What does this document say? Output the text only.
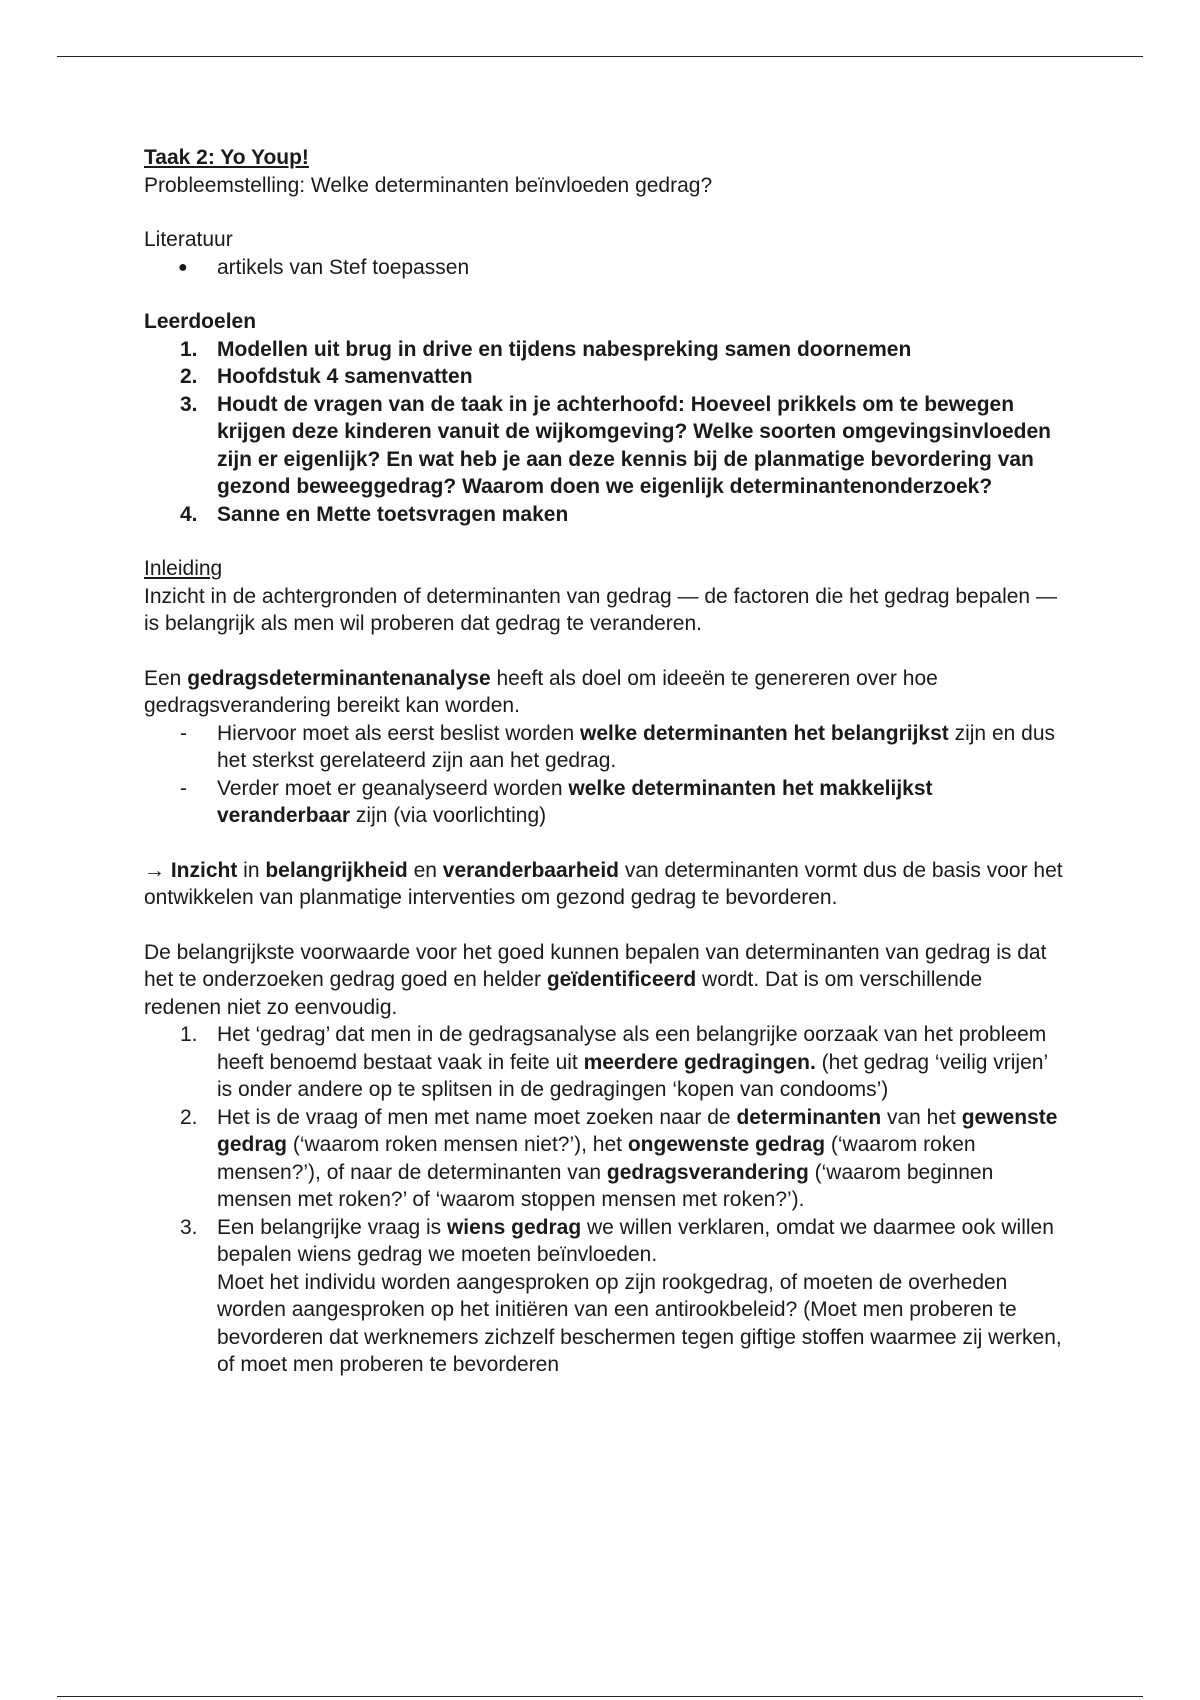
Taak 2: Yo Youp!

Probleemstelling: Welke determinanten beïnvloeden gedrag?

Literatuur

● artikels van Stef toepassen

Leerdoelen

1. Modellen uit brug in drive en tijdens nabespreking samen doornemen
2. Hoofdstuk 4 samenvatten
3. Houdt de vragen van de taak in je achterhoofd: Hoeveel prikkels om te bewegen krijgen deze kinderen vanuit de wijkomgeving? Welke soorten omgevingsinvloeden zijn er eigenlijk? En wat heb je aan deze kennis bij de planmatige bevordering van gezond beweeggedrag? Waarom doen we eigenlijk determinantenonderzoek?
4. Sanne en Mette toetsvragen maken

Inleiding

Inzicht in de achtergronden of determinanten van gedrag — de factoren die het gedrag bepalen — is belangrijk als men wil proberen dat gedrag te veranderen.

Een gedragsdeterminantenanalyse heeft als doel om ideeën te genereren over hoe gedragsverandering bereikt kan worden.

- Hiervoor moet als eerst beslist worden welke determinanten het belangrijkst zijn en dus het sterkst gerelateerd zijn aan het gedrag.
- Verder moet er geanalyseerd worden welke determinanten het makkelijkst veranderbaar zijn (via voorlichting)

→ Inzicht in belangrijkheid en veranderbaarheid van determinanten vormt dus de basis voor het ontwikkelen van planmatige interventies om gezond gedrag te bevorderen.

De belangrijkste voorwaarde voor het goed kunnen bepalen van determinanten van gedrag is dat het te onderzoeken gedrag goed en helder geïdentificeerd wordt. Dat is om verschillende redenen niet zo eenvoudig.

1. Het ‘gedrag’ dat men in de gedragsanalyse als een belangrijke oorzaak van het probleem heeft benoemd bestaat vaak in feite uit meerdere gedragingen. (het gedrag ‘veilig vrijen’ is onder andere op te splitsen in de gedragingen ‘kopen van condooms’)
2. Het is de vraag of men met name moet zoeken naar de determinanten van het gewenste gedrag (‘waarom roken mensen niet?’), het ongewenste gedrag (‘waarom roken mensen?’), of naar de determinanten van gedragsverandering (‘waarom beginnen mensen met roken?’ of ‘waarom stoppen mensen met roken?’).
3. Een belangrijke vraag is wiens gedrag we willen verklaren, omdat we daarmee ook willen bepalen wiens gedrag we moeten beïnvloeden.
Moet het individu worden aangesproken op zijn rookgedrag, of moeten de overheden worden aangesproken op het initiëren van een antirookbeleid? (Moet men proberen te bevorderen dat werknemers zichzelf beschermen tegen giftige stoffen waarmee zij werken, of moet men proberen te bevorderen
